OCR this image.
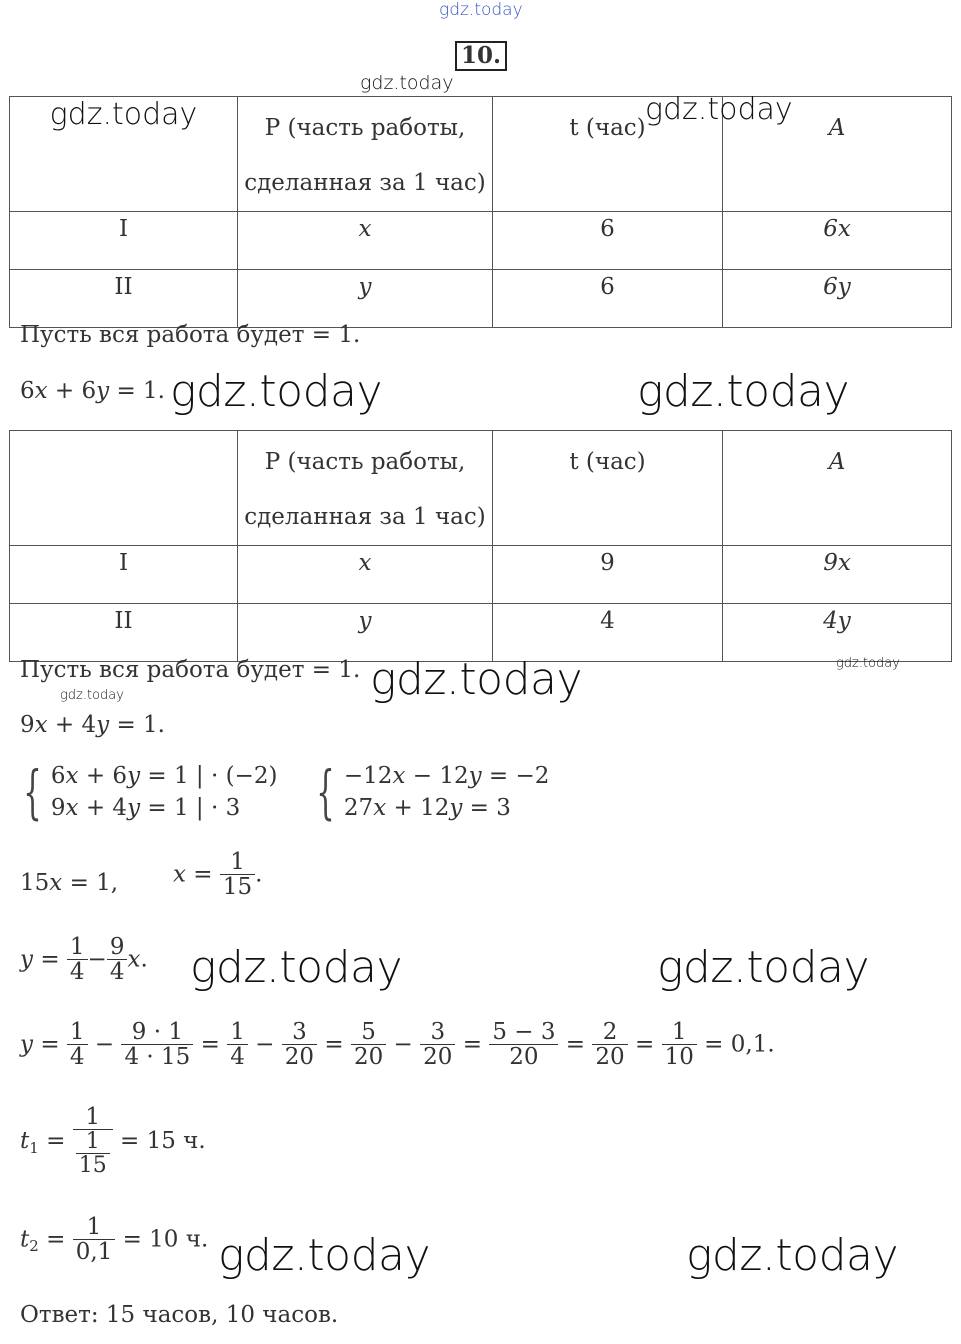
gdz.today
10.
gdz.today
gdz.today	P (часть работы, сделанная за 1 час)	t (час)	A
I	x	6	6x
II	y	6	6y
gdz.today
Пусть вся работа будет = 1.
6x + 6y = 1. gdz.today	gdz.today
	P (часть работы, сделанная за 1 час)	t (час)	A
I	x	9	9x
II	y	4	4y
Пусть вся работа будет = 1. gdz.today	gdz.today
gdz.today
9x + 4y = 1.
{ 6x + 6y = 1 | · (−2)
9x + 4y = 1 | · 3	{ −12x − 12y = −2
27x + 12y = 3
15x = 1, $x = \frac{1}{15}$ .
$y = \frac{1}{4} - \frac{9}{4} x$. gdz.today	gdz.today
$y = \frac{1}{4} - \frac{9 \cdot 1}{4 \cdot 15} = \frac{1}{4} - \frac{3}{20} = \frac{5}{20} - \frac{3}{20} = \frac{5 - 3}{20} = \frac{2}{20} = \frac{1}{10} = 0,1$.
$t_1 = \frac{1}{\frac{1}{15}} = 15$ ч.
$t_2 = \frac{1}{0,1} = 10$ ч. gdz.today	gdz.today
Ответ: 15 часов, 10 часов.
